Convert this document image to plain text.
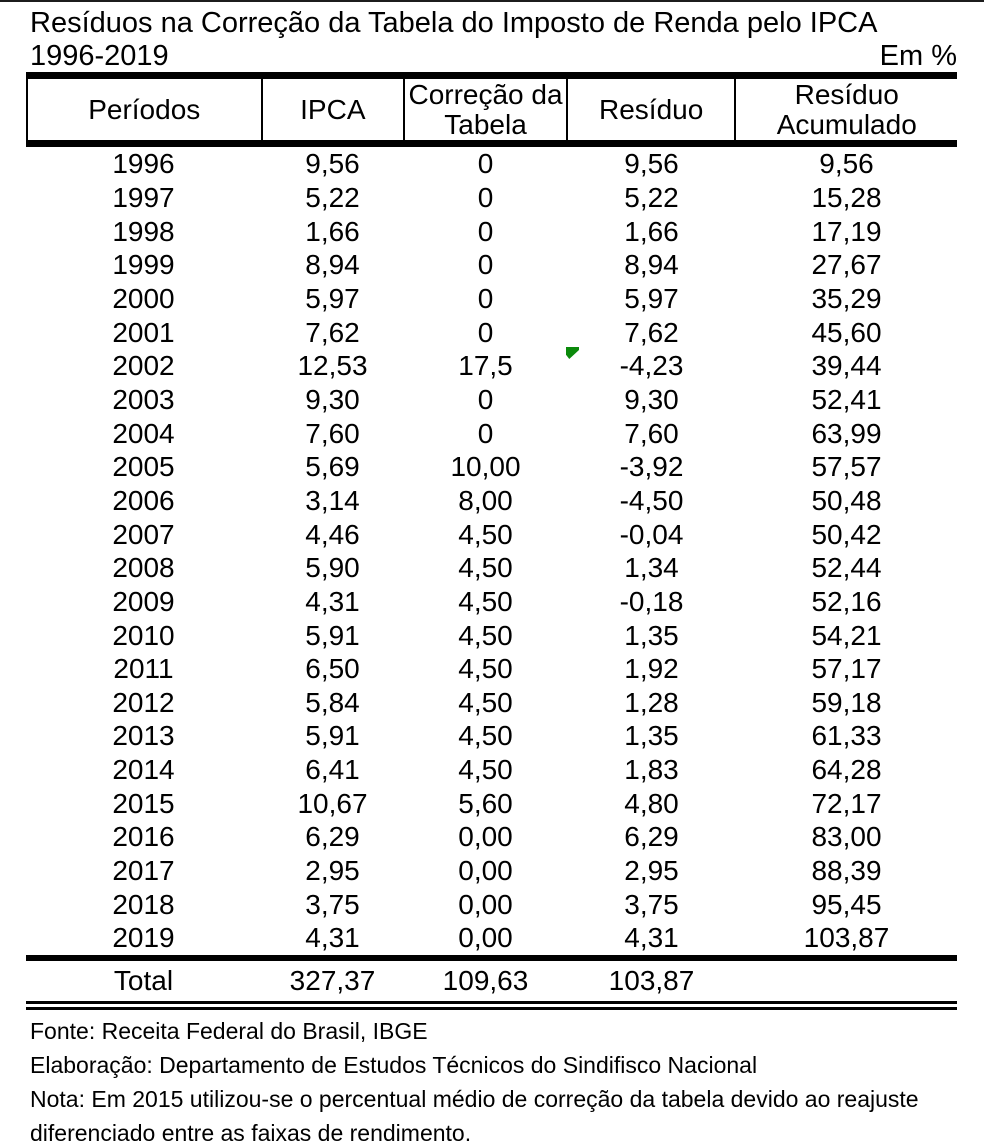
Resíduos na Correção da Tabela do Imposto de Renda pelo IPCA
1996-2019	Em %
Períodos	IPCA	Correção da Tabela	Resíduo	Resíduo Acumulado
1996	9,56	0	9,56	9,56
1997	5,22	0	5,22	15,28
1998	1,66	0	1,66	17,19
1999	8,94	0	8,94	27,67
2000	5,97	0	5,97	35,29
2001	7,62	0	7,62	45,60
2002	12,53	17,5	-4,23	39,44
2003	9,30	0	9,30	52,41
2004	7,60	0	7,60	63,99
2005	5,69	10,00	-3,92	57,57
2006	3,14	8,00	-4,50	50,48
2007	4,46	4,50	-0,04	50,42
2008	5,90	4,50	1,34	52,44
2009	4,31	4,50	-0,18	52,16
2010	5,91	4,50	1,35	54,21
2011	6,50	4,50	1,92	57,17
2012	5,84	4,50	1,28	59,18
2013	5,91	4,50	1,35	61,33
2014	6,41	4,50	1,83	64,28
2015	10,67	5,60	4,80	72,17
2016	6,29	0,00	6,29	83,00
2017	2,95	0,00	2,95	88,39
2018	3,75	0,00	3,75	95,45
2019	4,31	0,00	4,31	103,87
Total	327,37	109,63	103,87
Fonte: Receita Federal do Brasil, IBGE
Elaboração: Departamento de Estudos Técnicos do Sindifisco Nacional
Nota: Em 2015 utilizou-se o percentual médio de correção da tabela devido ao reajuste
diferenciado entre as faixas de rendimento.
